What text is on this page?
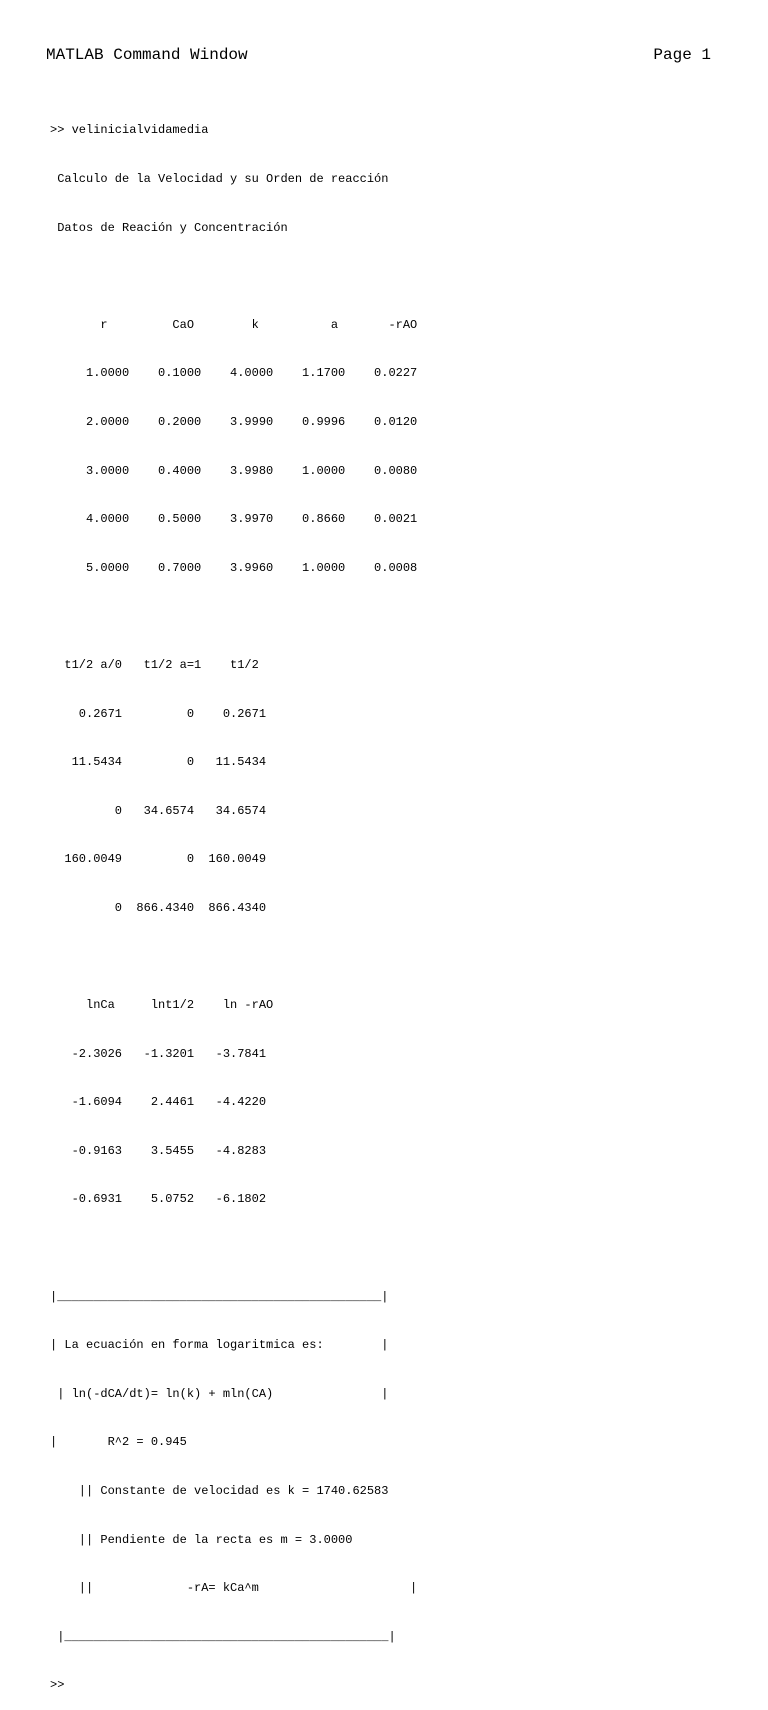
MATLAB Command Window	Page 1

>> velinicialvidamedia

Calculo de la Velocidad y su Orden de reacción

Datos de Reación y Concentración

r         CaO        k          a       -rAO

1.0000    0.1000    4.0000    1.1700    0.0227

2.0000    0.2000    3.9990    0.9996    0.0120

3.0000    0.4000    3.9980    1.0000    0.0080

4.0000    0.5000    3.9970    0.8660    0.0021

5.0000    0.7000    3.9960    1.0000    0.0008

t1/2 a/0   t1/2 a=1    t1/2

0.2671         0    0.2671

11.5434         0   11.5434

0   34.6574   34.6574

160.0049         0  160.0049

0  866.4340  866.4340

lnCa     lnt1/2    ln -rAO

-2.3026   -1.3201   -3.7841

-1.6094    2.4461   -4.4220

-0.9163    3.5455   -4.8283

-0.6931    5.0752   -6.1802

|_____________________________________________|

| La ecuación en forma logaritmica es:        |

| ln(-dCA/dt)= ln(k) + mln(CA)               |

|       R^2 = 0.945

|| Constante de velocidad es k = 1740.62583

|| Pendiente de la recta es m = 3.0000

||             -rA= kCa^m                     |

|_____________________________________________|

>>
